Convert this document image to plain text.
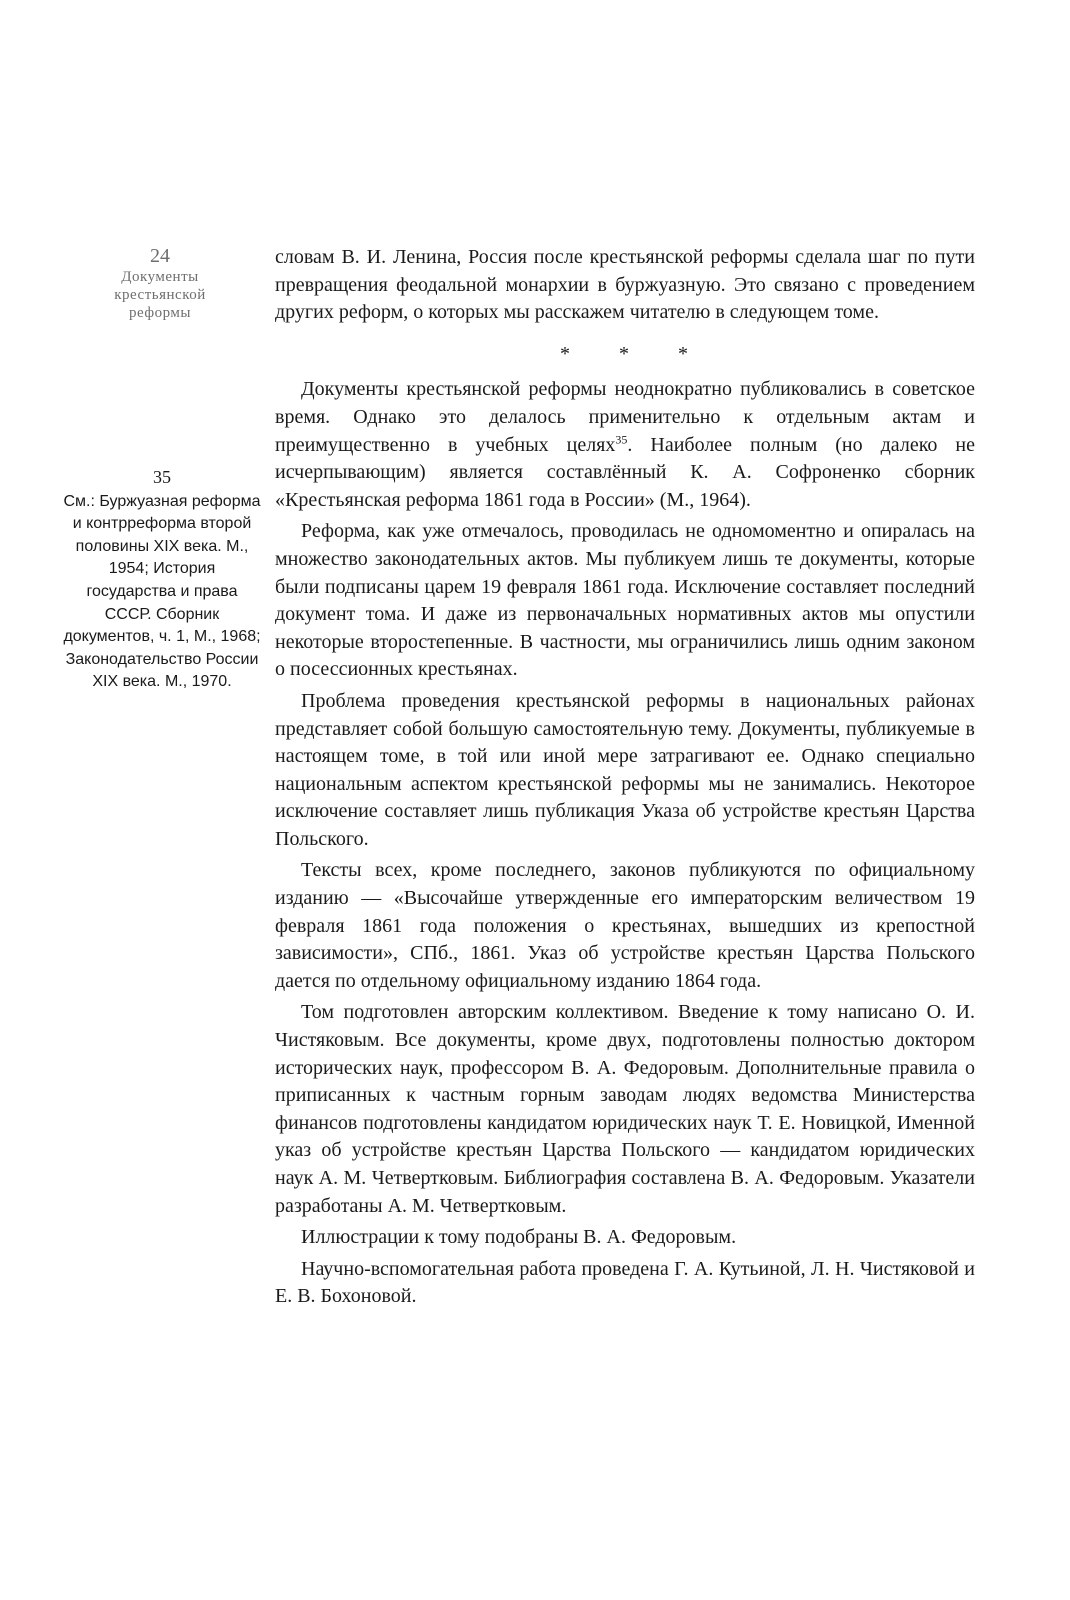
24
Документы
крестьянской
реформы
35
См.: Буржуазная реформа и контрреформа второй половины XIX века. М., 1954; История государства и права СССР. Сборник документов, ч. 1, М., 1968; Законодательство России XIX века. М., 1970.

словам В. И. Ленина, Россия после крестьянской реформы сделала шаг по пути превращения феодальной монархии в буржуазную. Это связано с проведением других реформ, о которых мы расскажем читателю в следующем томе.

* * *

Документы крестьянской реформы неоднократно публиковались в советское время. Однако это делалось применительно к отдельным актам и преимущественно в учебных целях$^{35}$. Наиболее полным (но далеко не исчерпывающим) является составлённый К. А. Софроненко сборник «Крестьянская реформа 1861 года в России» (М., 1964).

Реформа, как уже отмечалось, проводилась не одномоментно и опиралась на множество законодательных актов. Мы публикуем лишь те документы, которые были подписаны царем 19 февраля 1861 года. Исключение составляет последний документ тома. И даже из первоначальных нормативных актов мы опустили некоторые второстепенные. В частности, мы ограничились лишь одним законом о посессионных крестьянах.

Проблема проведения крестьянской реформы в национальных районах представляет собой большую самостоятельную тему. Документы, публикуемые в настоящем томе, в той или иной мере затрагивают ее. Однако специально национальным аспектом крестьянской реформы мы не занимались. Некоторое исключение составляет лишь публикация Указа об устройстве крестьян Царства Польского.

Тексты всех, кроме последнего, законов публикуются по официальному изданию — «Высочайше утвержденные его императорским величеством 19 февраля 1861 года положения о крестьянах, вышедших из крепостной зависимости», СПб., 1861. Указ об устройстве крестьян Царства Польского дается по отдельному официальному изданию 1864 года.

Том подготовлен авторским коллективом. Введение к тому написано О. И. Чистяковым. Все документы, кроме двух, подготовлены полностью доктором исторических наук, профессором В. А. Федоровым. Дополнительные правила о приписанных к частным горным заводам людях ведомства Министерства финансов подготовлены кандидатом юридических наук Т. Е. Новицкой, Именной указ об устройстве крестьян Царства Польского — кандидатом юридических наук А. М. Четвертковым. Библиография составлена В. А. Федоровым. Указатели разработаны А. М. Четвертковым.

Иллюстрации к тому подобраны В. А. Федоровым.

Научно-вспомогательная работа проведена Г. А. Кутьиной, Л. Н. Чистяковой и Е. В. Бохоновой.
